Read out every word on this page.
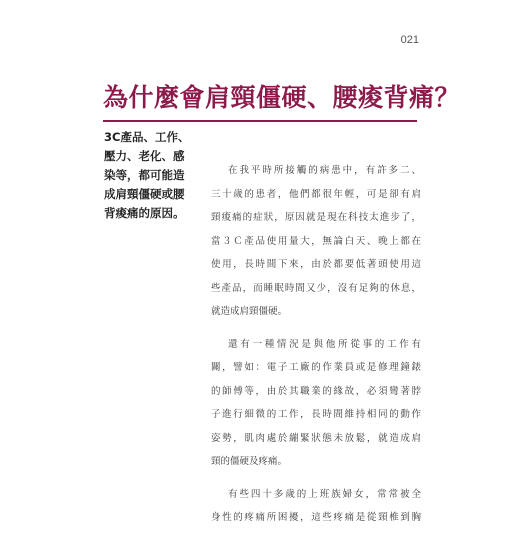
021
為什麼會肩頸僵硬、腰痠背痛？
3C產品、工作、
壓力、老化、感
染等，都可能造
成肩頸僵硬或腰
背痠痛的原因。
在我平時所接觸的病患中，有許多二、
三十歲的患者，他們都很年輕，可是卻有肩
頸痠痛的症狀，原因就是現在科技太進步了，
當３Ｃ產品使用量大，無論白天、晚上都在
使用，長時間下來，由於都要低著頭使用這
些產品，而睡眠時間又少，沒有足夠的休息，
就造成肩頸僵硬。
還有一種情況是與他所從事的工作有
關，譬如：電子工廠的作業員或是修理鐘錶
的師傅等，由於其職業的緣故，必須彎著脖
子進行細微的工作，長時間維持相同的動作
姿勢，肌肉處於繃緊狀態未放鬆，就造成肩
頸的僵硬及疼痛。
有些四十多歲的上班族婦女，常常被全
身性的疼痛所困擾，這些疼痛是從頸椎到胸
